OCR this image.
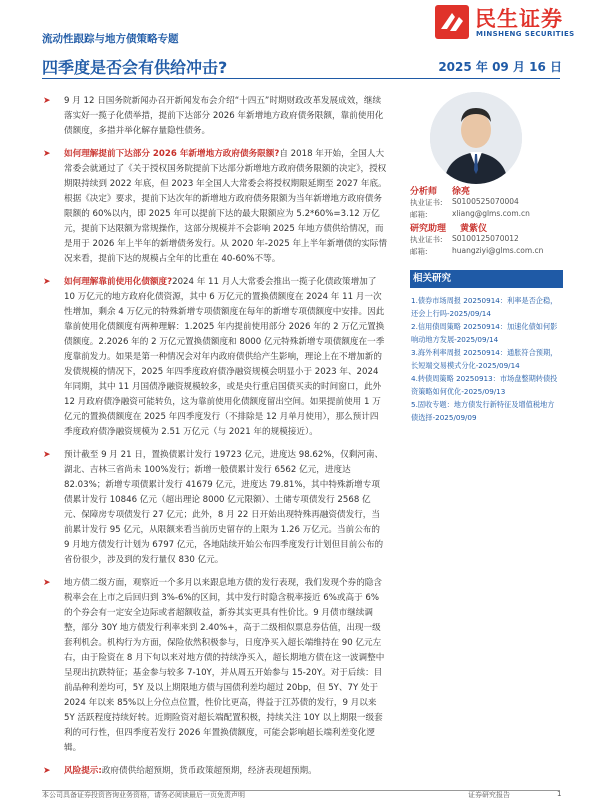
流动性跟踪与地方债策略专题
民生证券
MINSHENG SECURITIES
四季度是否会有供给冲击?	2025 年 09 月 16 日
➤ 9 月 12 日国务院新闻办召开新闻发布会介绍“十四五”时期财政改革发展成效，继续落实好一揽子化债举措，提前下达部分 2026 年新增地方政府债务限额，靠前使用化债额度，多措并举化解存量隐性债务。
➤ 如何理解提前下达部分 2026 年新增地方政府债务限额?自 2018 年开始，全国人大常委会就通过了《关于授权国务院提前下达部分新增地方政府债务限额的决定》，授权期限持续到 2022 年底，但 2023 年全国人大常委会将授权期限延期至 2027 年底。根据《决定》要求，提前下达次年的新增地方政府债务限额为当年新增地方政府债务限额的 60%以内，即 2025 年可以提前下达的最大限额应为 5.2*60%=3.12 万亿元，提前下达限额为常规操作，这部分规模并不会影响 2025 年地方债供给情况，而是用于 2026 年上半年的新增债务发行。从 2020 年-2025 年上半年新增债的实际情况来看，提前下达的规模占全年的比重在 40-60%不等。
➤ 如何理解靠前使用化债额度?2024 年 11 月人大常委会推出一揽子化债政策增加了 10 万亿元的地方政府化债资源，其中 6 万亿元的置换债额度在 2024 年 11 月一次性增加，剩余 4 万亿元的特殊新增专项债额度在每年的新增专项债额度中安排。因此靠前使用化债额度有两种理解：1.2025 年内提前使用部分 2026 年的 2 万亿元置换债额度。2.2026 年的 2 万亿元置换债额度和 8000 亿元特殊新增专项债额度在一季度靠前发力。如果是第一种情况会对年内政府债供给产生影响，理论上在不增加新的发债规模的情况下，2025 年四季度政府债净融资规模会明显小于 2023 年、2024 年同期，其中 11 月国债净融资规模较多，或是央行重启国债买卖的时间窗口，此外 12 月政府债净融资可能转负，这为靠前使用化债额度留出空间。如果提前使用 1 万亿元的置换债额度在 2025 年四季度发行（不排除是 12 月单月使用），那么预计四季度政府债净融资规模为 2.51 万亿元（与 2021 年的规模接近）。
➤ 预计截至 9 月 21 日，置换债累计发行 19723 亿元，进度达 98.62%，仅剩河南、湖北、吉林三省尚未 100%发行；新增一般债累计发行 6562 亿元，进度达 82.03%；新增专项债累计发行 41679 亿元，进度达 79.81%，其中特殊新增专项债累计发行 10846 亿元（超出理论 8000 亿元限额）、土储专项债发行 2568 亿元、保障房专项债发行 27 亿元；此外，8 月 22 日开始出现特殊再融资债发行，当前累计发行 95 亿元，从限额来看当前历史留存的上限为 1.26 万亿元。当前公布的 9 月地方债发行计划为 6797 亿元，各地陆续开始公布四季度发行计划但目前公布的省份很少，涉及到的发行量仅 830 亿元。
➤ 地方债二级方面，观察近一个多月以来跟息地方债的发行表现，我们发现个券的隐含税率会在上市之后回归到 3%-6%的区间，其中发行时隐含税率接近 6%或高于 6%的个券会有一定安全边际或者超额收益，新券其实更具有性价比。9 月债市继续调整，部分 30Y 地方债发行利率来到 2.40%+，高于二级相似票息券估值，出现一级套利机会。机构行为方面，保险依然积极参与，日度净买入超长端维持在 90 亿元左右，由于险资在 8 月下旬以来对地方债的持续净买入，超长期地方债在这一波调整中呈现出抗跌特征；基金参与较多 7-10Y，并从周五开始参与 15-20Y。对于后续：目前品种利差均可，5Y 及以上期限地方债与国债利差均超过 20bp，但 5Y、7Y 处于 2024 年以来 85%以上分位点位置，性价比更高，得益于江苏债的发行，9 月以来 5Y 活跃程度持续好转。近期险资对超长端配置积极，持续关注 10Y 以上期限一级套利的可行性，但四季度若发行 2026 年置换债额度，可能会影响超长端利差变化逻辑。
➤ 风险提示:政府债供给超预期，货币政策超预期，经济表现超预期。
分析师 徐亮
执业证书: S0100525070004
邮箱:	xliang@glms.com.cn
研究助理 黄紫仪
执业证书: S0100125070012
邮箱:	huangziyi@glms.com.cn
相关研究
1.债券市场周报 20250914：利率是否企稳，还会上行吗-2025/09/14
2.信用债周策略 20250914：加速化债如何影响动地方发展-2025/09/14
3.海外利率周报 20250914：通胀符合预期，长短端交易模式分化-2025/09/14
4.转债周策略 20250913：市场盘整期转债投资策略如何优化-2025/09/13
5.固收专题：地方债发行新特征及增值税地方债选择-2025/09/09
本公司具备证券投资咨询业务资格，请务必阅读最后一页免责声明	证券研究报告	1
